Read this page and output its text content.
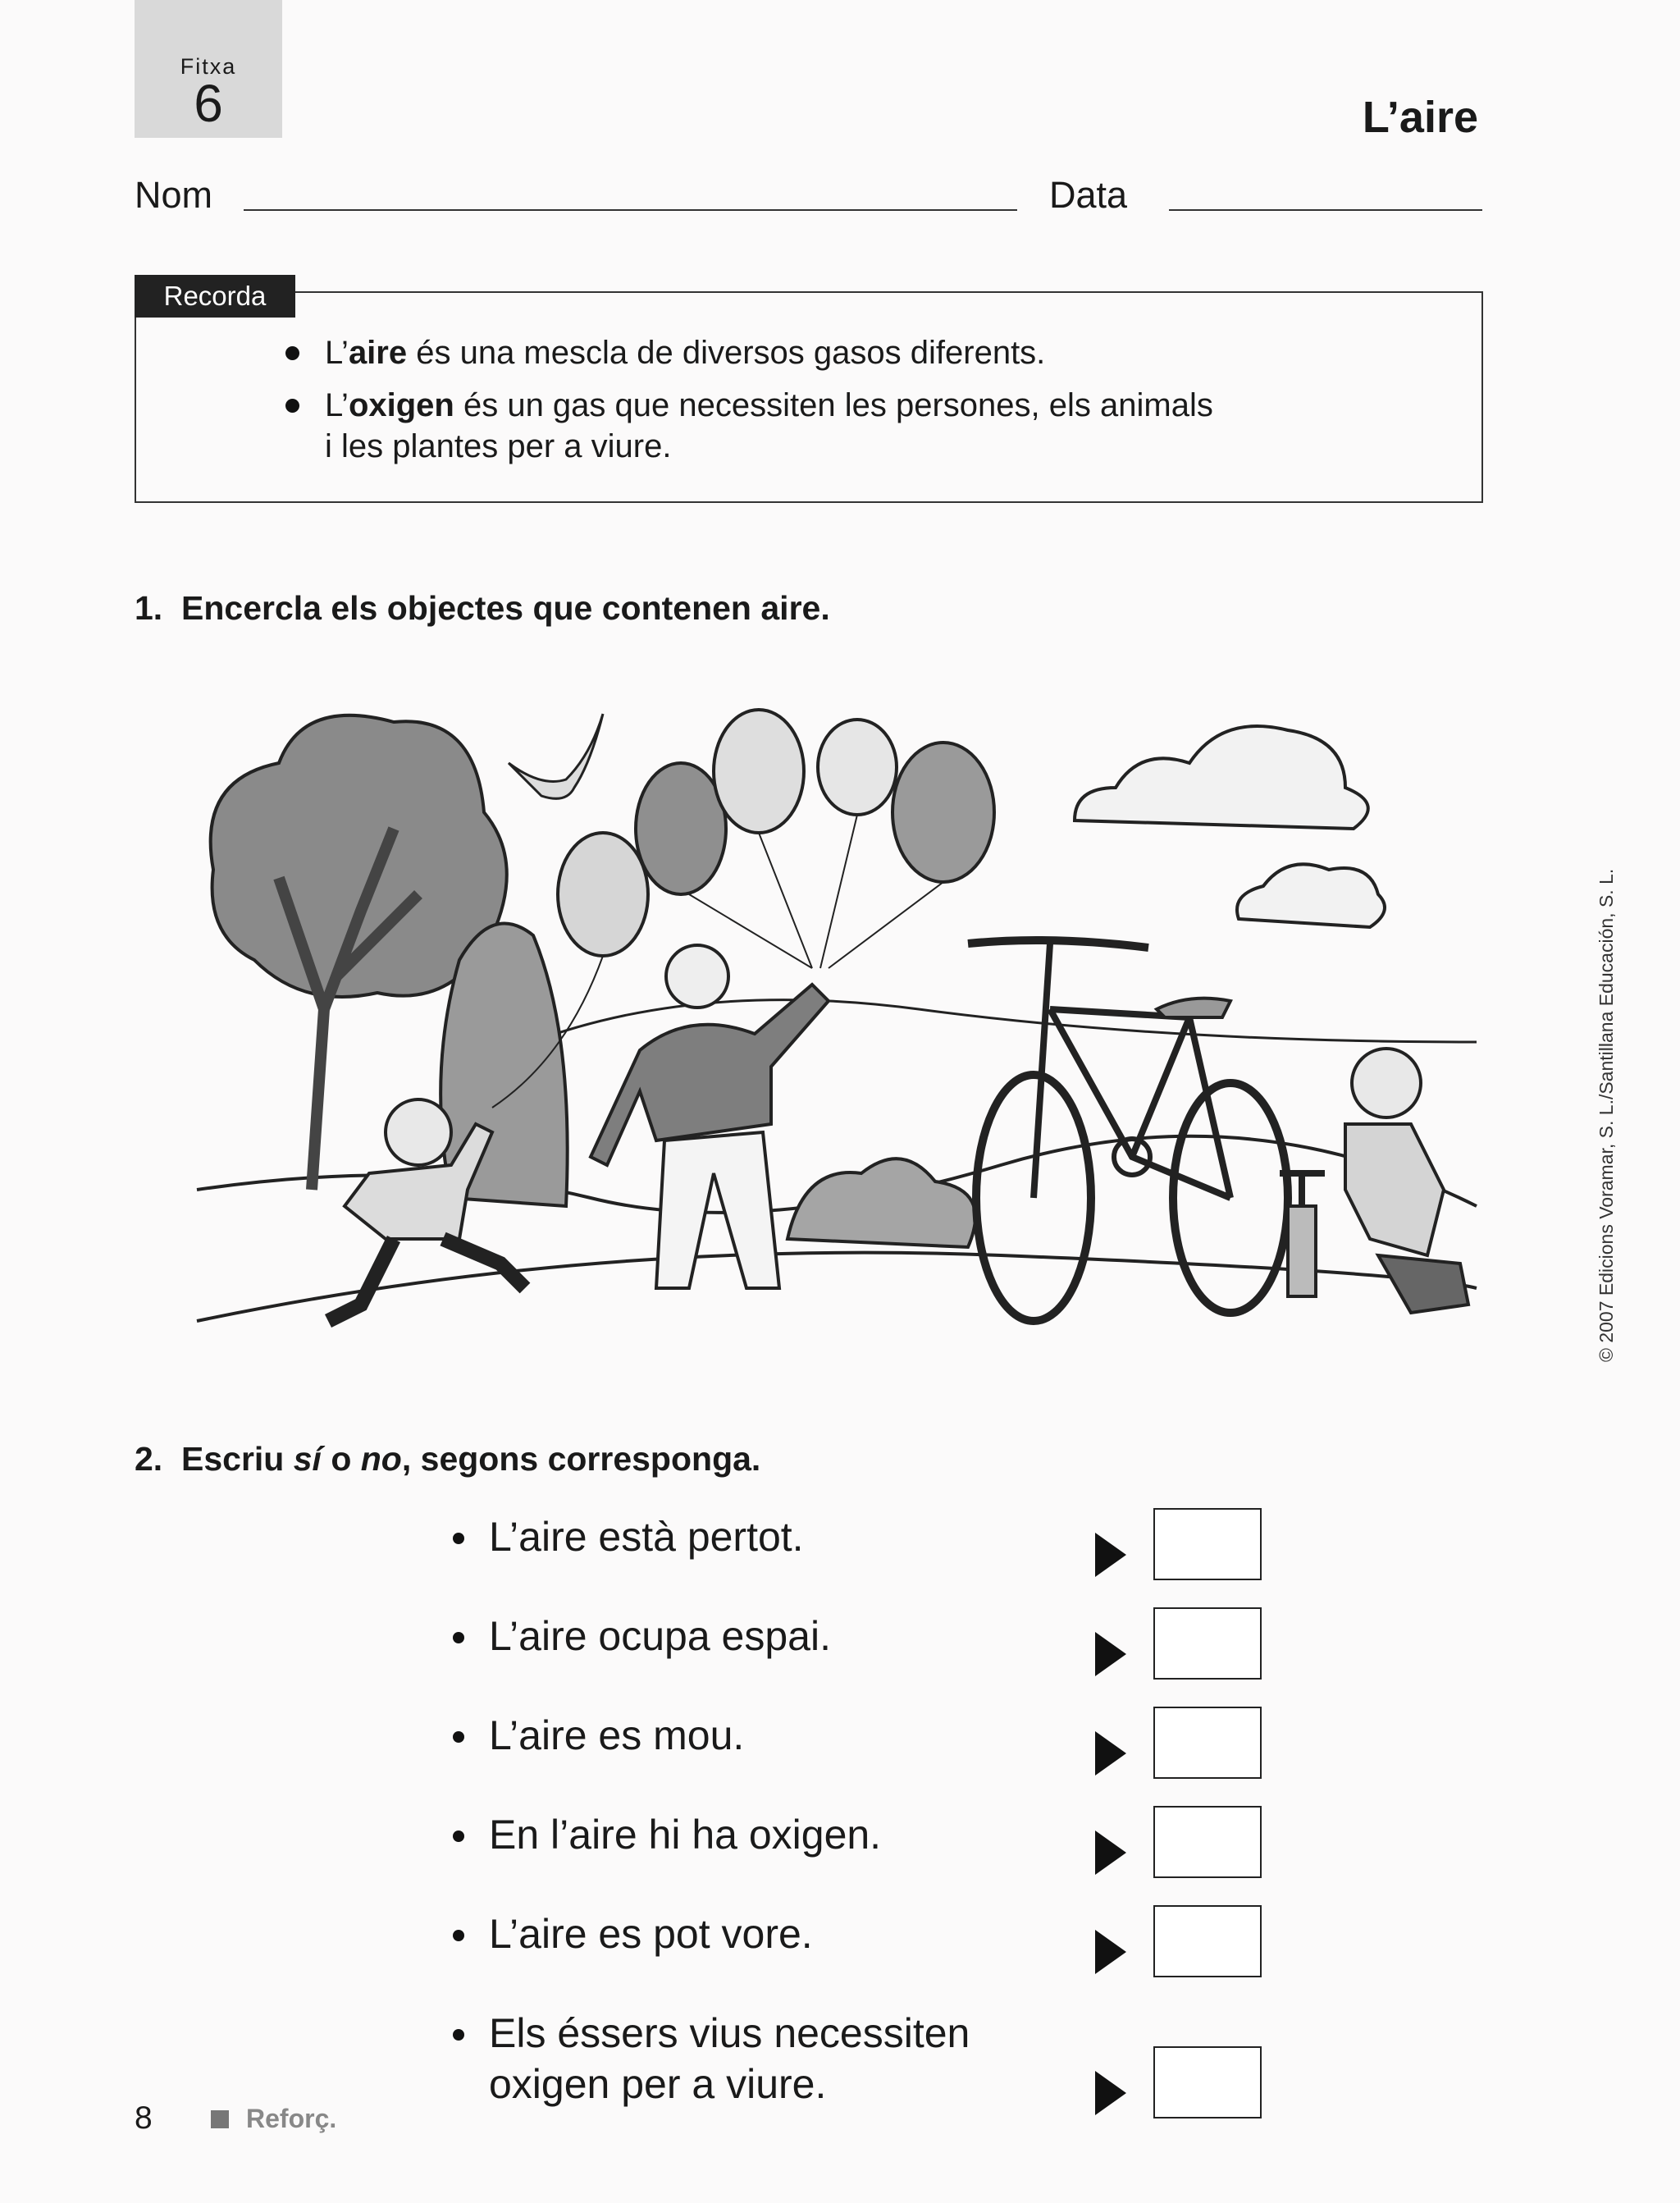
Fitxa
6	L’aire
Nom	Data
Recorda
L’aire és una mescla de diversos gasos diferents.
L’oxigen és un gas que necessiten les persones, els animals
i les plantes per a viure.
1. Encercla els objectes que contenen aire.
2. Escriu sí o no, segons corresponga.
L’aire està pertot.
L’aire ocupa espai.
L’aire es mou.
En l’aire hi ha oxigen.
L’aire es pot vore.
Els éssers vius necessiten
oxigen per a viure.
© 2007 Edicions Voramar, S. L./Santillana Educación, S. L.
8	Reforç.
